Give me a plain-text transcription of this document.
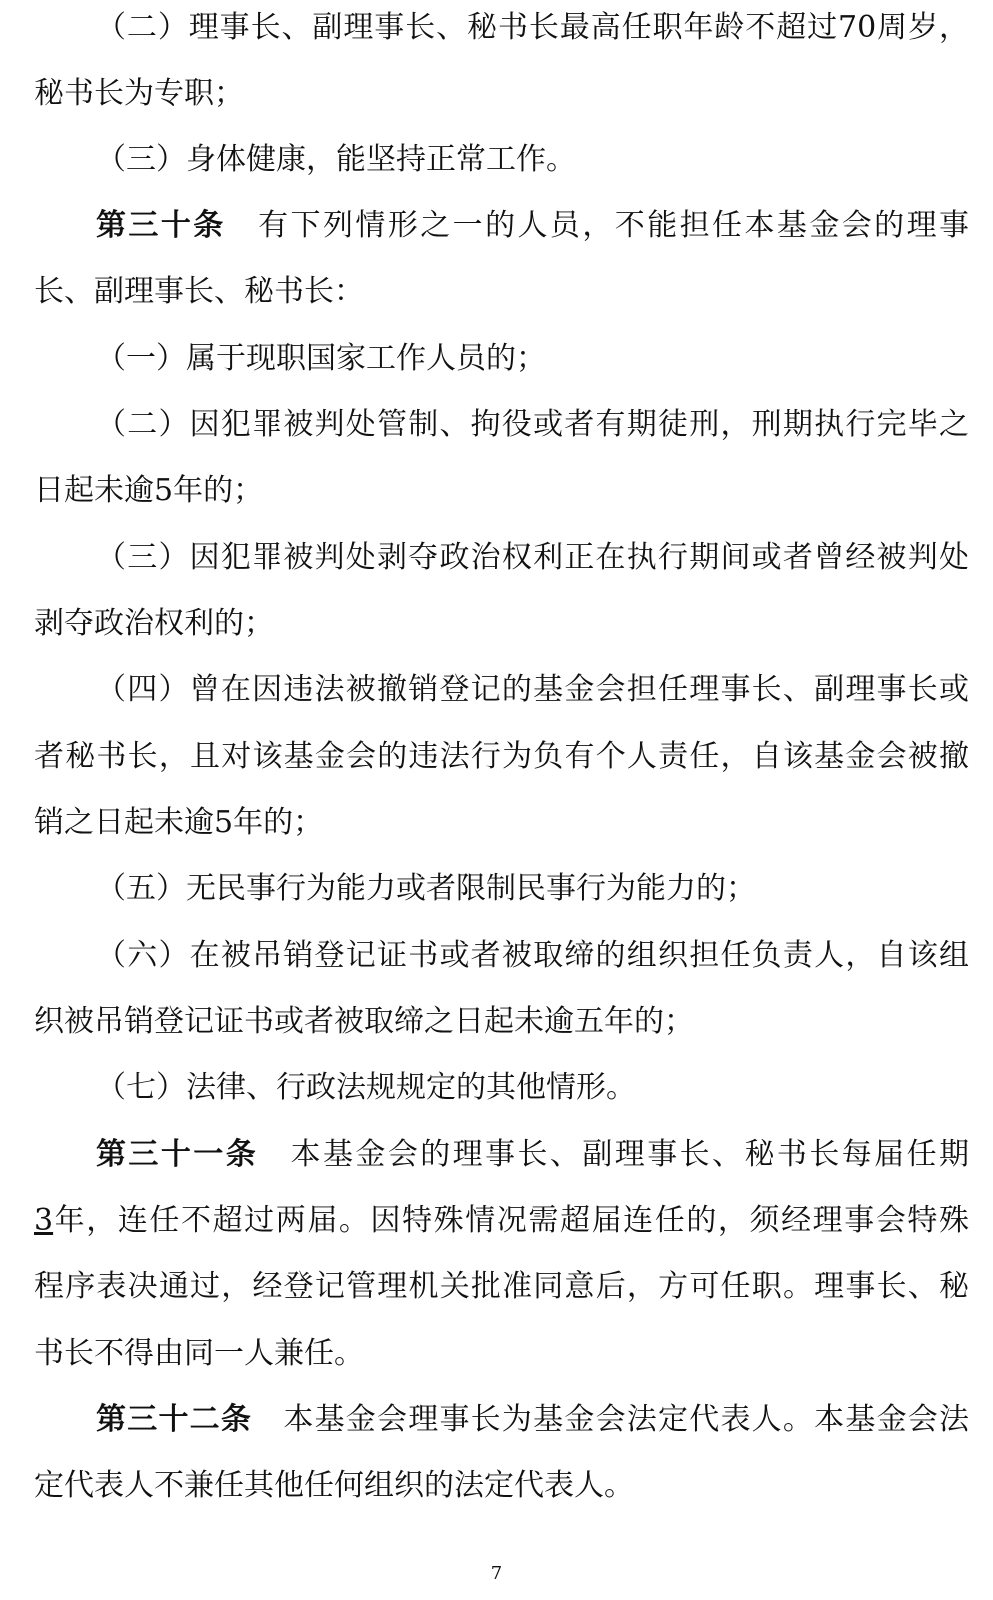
（二）理事长、副理事长、秘书长最高任职年龄不超过70周岁，
秘书长为专职；
（三）身体健康，能坚持正常工作。
第三十条 有下列情形之一的人员，不能担任本基金会的理事
长、副理事长、秘书长：
（一）属于现职国家工作人员的；
（二）因犯罪被判处管制、拘役或者有期徒刑，刑期执行完毕之
日起未逾5年的；
（三）因犯罪被判处剥夺政治权利正在执行期间或者曾经被判处
剥夺政治权利的；
（四）曾在因违法被撤销登记的基金会担任理事长、副理事长或
者秘书长，且对该基金会的违法行为负有个人责任，自该基金会被撤
销之日起未逾5年的；
（五）无民事行为能力或者限制民事行为能力的；
（六）在被吊销登记证书或者被取缔的组织担任负责人，自该组
织被吊销登记证书或者被取缔之日起未逾五年的；
（七）法律、行政法规规定的其他情形。
第三十一条 本基金会的理事长、副理事长、秘书长每届任期
3年，连任不超过两届。因特殊情况需超届连任的，须经理事会特殊
程序表决通过，经登记管理机关批准同意后，方可任职。理事长、秘
书长不得由同一人兼任。
第三十二条 本基金会理事长为基金会法定代表人。本基金会法
定代表人不兼任其他任何组织的法定代表人。
7
